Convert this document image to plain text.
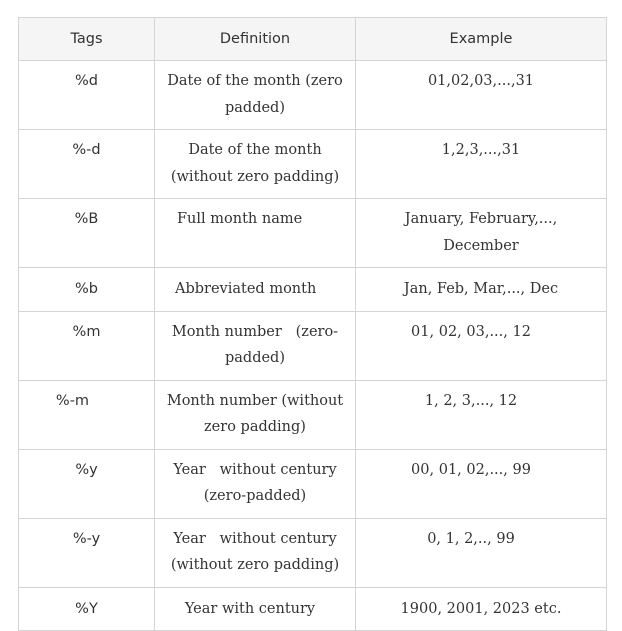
Tags	Definition	Example
%d	Date of the month (zero padded)	01,02,03,...,31
%-d	Date of the month (without zero padding)	1,2,3,...,31
%B	Full month name	January, February,..., December
%b	Abbreviated month	Jan, Feb, Mar,..., Dec
%m	Month number   (zero-padded)	01, 02, 03,..., 12
%-m	Month number (without zero padding)	1, 2, 3,..., 12
%y	Year   without century (zero-padded)	00, 01, 02,..., 99
%-y	Year   without century (without zero padding)	0, 1, 2,.., 99
%Y	Year with century	1900, 2001, 2023 etc.
